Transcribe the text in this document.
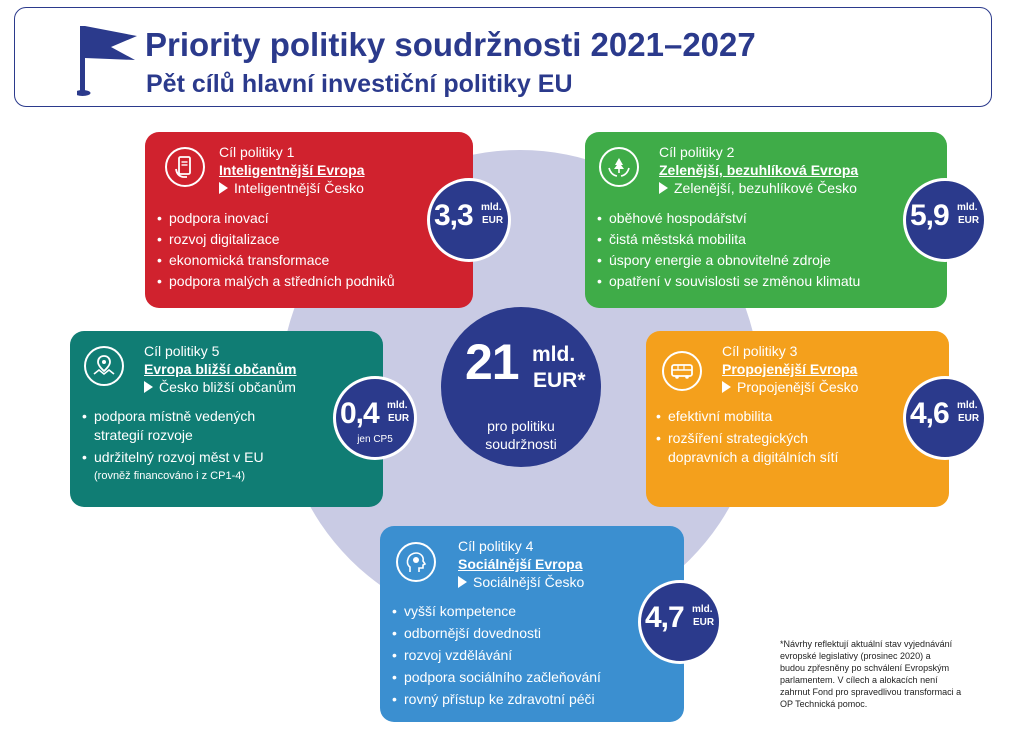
Priority politiky soudržnosti 2021–2027
Pět cílů hlavní investiční politiky EU
Cíl politiky 1
Inteligentnější Evropa
Inteligentnější Česko
• podpora inovací
• rozvoj digitalizace
• ekonomická transformace
• podpora malých a středních podniků
3,3 mld.
EUR
Cíl politiky 2
Zelenější, bezuhlíková Evropa
Zelenější, bezuhlíkové Česko
• oběhové hospodářství
• čistá městská mobilita
• úspory energie a obnovitelné zdroje
• opatření v souvislosti se změnou klimatu
5,9 mld.
EUR
Cíl politiky 5
Evropa bližší občanům
Česko bližší občanům
• podpora místně vedených
strategií rozvoje
• udržitelný rozvoj měst v EU
(rovněž financováno i z CP1-4)
0,4 mld.
EUR
jen CP5
Cíl politiky 3
Propojenější Evropa
Propojenější Česko
• efektivní mobilita
• rozšíření strategických
dopravních a digitálních sítí
4,6 mld.
EUR
Cíl politiky 4
Sociálnější Evropa
Sociálnější Česko
• vyšší kompetence
• odbornější dovednosti
• rozvoj vzdělávání
• podpora sociálního začleňování
• rovný přístup ke zdravotní péči
4,7 mld.
EUR
21 mld.
EUR*
pro politiku
soudržnosti
*Návrhy reflektují aktuální stav vyjednávání
evropské legislativy (prosinec 2020) a
budou zpřesněny po schválení Evropským
parlamentem. V cílech a alokacích není
zahrnut Fond pro spravedlivou transformaci a
OP Technická pomoc.
